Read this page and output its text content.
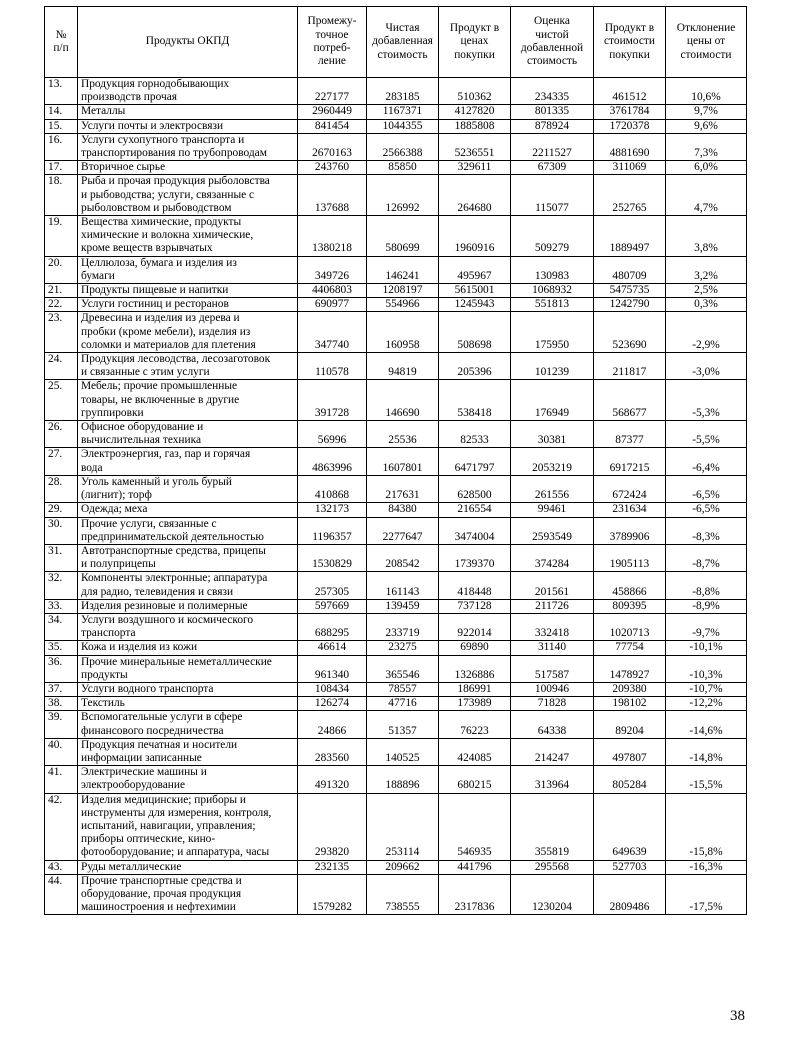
№
п/п	Продукты ОКПД	Промежу-
точное
потреб-
ление	Чистая
добавленная
стоимость	Продукт в
ценах
покупки	Оценка
чистой
добавленной
стоимость	Продукт в
стоимости
покупки	Отклонение
цены от
стоимости
13.	Продукция горнодобывающих
производств прочая	227177	283185	510362	234335	461512	10,6%
14.	Металлы	2960449	1167371	4127820	801335	3761784	9,7%
15.	Услуги почты и электросвязи	841454	1044355	1885808	878924	1720378	9,6%
16.	Услуги сухопутного транспорта и
транспортирования по трубопроводам	2670163	2566388	5236551	2211527	4881690	7,3%
17.	Вторичное сырье	243760	85850	329611	67309	311069	6,0%
18.	Рыба и прочая продукция рыболовства
и рыбоводства; услуги, связанные с
рыболовством и рыбоводством	137688	126992	264680	115077	252765	4,7%
19.	Вещества химические, продукты
химические и волокна химические,
кроме веществ взрывчатых	1380218	580699	1960916	509279	1889497	3,8%
20.	Целлюлоза, бумага и изделия из
бумаги	349726	146241	495967	130983	480709	3,2%
21.	Продукты пищевые и напитки	4406803	1208197	5615001	1068932	5475735	2,5%
22.	Услуги гостиниц и ресторанов	690977	554966	1245943	551813	1242790	0,3%
23.	Древесина и изделия из дерева и
пробки (кроме мебели), изделия из
соломки и материалов для плетения	347740	160958	508698	175950	523690	-2,9%
24.	Продукция лесоводства, лесозаготовок
и связанные с этим услуги	110578	94819	205396	101239	211817	-3,0%
25.	Мебель; прочие промышленные
товары, не включенные в другие
группировки	391728	146690	538418	176949	568677	-5,3%
26.	Офисное оборудование и
вычислительная техника	56996	25536	82533	30381	87377	-5,5%
27.	Электроэнергия, газ, пар и горячая
вода	4863996	1607801	6471797	2053219	6917215	-6,4%
28.	Уголь каменный и уголь бурый
(лигнит); торф	410868	217631	628500	261556	672424	-6,5%
29.	Одежда; меха	132173	84380	216554	99461	231634	-6,5%
30.	Прочие услуги, связанные с
предпринимательской деятельностью	1196357	2277647	3474004	2593549	3789906	-8,3%
31.	Автотранспортные средства, прицепы
и полуприцепы	1530829	208542	1739370	374284	1905113	-8,7%
32.	Компоненты электронные; аппаратура
для радио, телевидения и связи	257305	161143	418448	201561	458866	-8,8%
33.	Изделия резиновые и полимерные	597669	139459	737128	211726	809395	-8,9%
34.	Услуги воздушного и космического
транспорта	688295	233719	922014	332418	1020713	-9,7%
35.	Кожа и изделия из кожи	46614	23275	69890	31140	77754	-10,1%
36.	Прочие минеральные неметаллические
продукты	961340	365546	1326886	517587	1478927	-10,3%
37.	Услуги водного транспорта	108434	78557	186991	100946	209380	-10,7%
38.	Текстиль	126274	47716	173989	71828	198102	-12,2%
39.	Вспомогательные услуги в сфере
финансового посредничества	24866	51357	76223	64338	89204	-14,6%
40.	Продукция печатная и носители
информации записанные	283560	140525	424085	214247	497807	-14,8%
41.	Электрические машины и
электрооборудование	491320	188896	680215	313964	805284	-15,5%
42.	Изделия медицинские; приборы и
инструменты для измерения, контроля,
испытаний, навигации, управления;
приборы оптические, кино-
фотооборудование; и аппаратура, часы	293820	253114	546935	355819	649639	-15,8%
43.	Руды металлические	232135	209662	441796	295568	527703	-16,3%
44.	Прочие транспортные средства и
оборудование, прочая продукция
машиностроения и нефтехимии	1579282	738555	2317836	1230204	2809486	-17,5%
38
